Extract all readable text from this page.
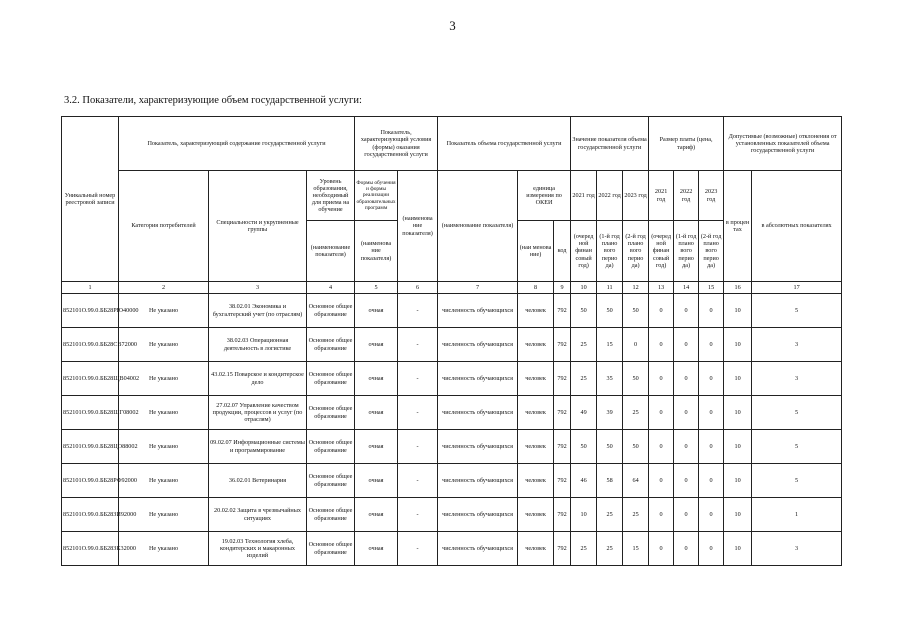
3
3.2. Показатели, характеризующие объем государственной услуги:
Уникальный номер реестровой записи	Показатель, характеризующий содержание государственной услуги			Показатель, характеризующий условия (формы) оказания государственной услуги		Показатель объема государственной услуги			Значение показателя объема государственной услуги			Размер платы (цена, тариф)			Допустимые (возможные) отклонения от установленных показателей объема государственной услуги	
	Категория потребителей	Специальности и укрупненные группы	Уровень образования, необходимый для приема на обучение	Формы обучения и формы реализации образовательных программ	(наименова ние показателя)	(наименование показателя)	единица измерения по ОКЕИ		2021 год	2022 год	2023 год	2021 год	2022 год	2023 год	в процен тах	в абсолютных показателях
			(наименование показателя)	(наименова ние показателя)			(наи менова ние)	код	(очеред ной финан совый год)	(1-й год плано вого перио да)	(2-й год плано вого перио да)	(очеред ной финан совый год)	(1-й год плано вого перио да)	(2-й год плано вого перио да)		
1	2	3	4	5	6	7	8	9	10	11	12	13	14	15	16	17
852101О.99.0.ББ28РЮ40000	Не указано	38.02.01 Экономика и бухгалтерский учет (по отраслям)	Основное общее образование	очная	-	численность обучающихся	человек	792	50	50	50	0	0	0	10	5
852101О.99.0.ББ28СВ72000	Не указано	38.02.03 Операционная деятельность в логистике	Основное общее образование	очная	-	численность обучающихся	человек	792	25	15	0	0	0	0	10	3
852101О.99.0.ББ28ЩВ04002	Не указано	43.02.15 Поварское и кондитерское дело	Основное общее образование	очная	-	численность обучающихся	человек	792	25	35	50	0	0	0	10	3
852101О.99.0.ББ28ШГ08002	Не указано	27.02.07 Управление качеством продукции, процессов и услуг (по отраслям)	Основное общее образование	очная	-	численность обучающихся	человек	792	49	39	25	0	0	0	10	5
852101О.99.0.ББ28ЦО88002	Не указано	09.02.07 Информационные системы и программирование	Основное общее образование	очная	-	численность обучающихся	человек	792	50	50	50	0	0	0	10	5
852101О.99.0.ББ28РФ92000	Не указано	36.02.01 Ветеринария	Основное общее образование	очная	-	численность обучающихся	человек	792	46	58	64	0	0	0	10	5
852101О.99.0.ББ28ЗИ92000	Не указано	20.02.02 Защита в чрезвычайных ситуациях	Основное общее образование	очная	-	численность обучающихся	человек	792	10	25	25	0	0	0	10	1
852101О.99.0.ББ28ЗК32000	Не указано	19.02.03 Технология хлеба, кондитерских и макаронных изделий	Основное общее образование	очная	-	численность обучающихся	человек	792	25	25	15	0	0	0	10	3
